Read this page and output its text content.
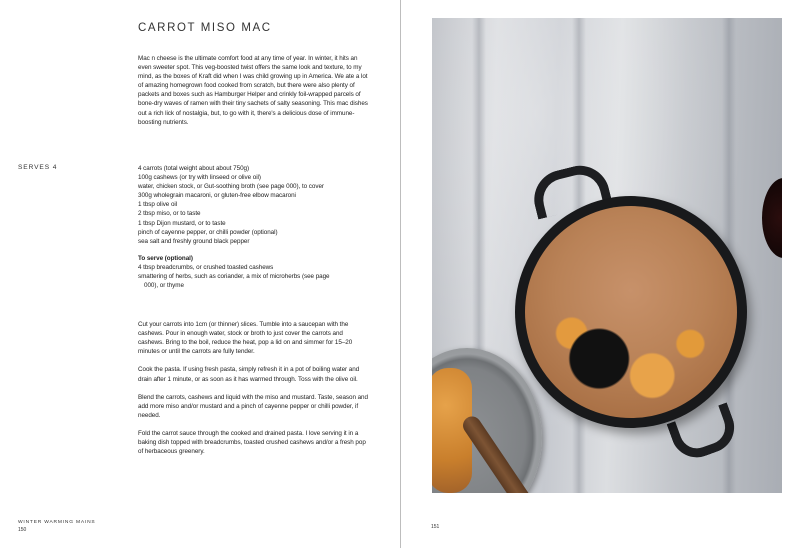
CARROT MISO MAC

Mac n cheese is the ultimate comfort food at any time of year. In winter, it hits an even sweeter spot. This veg-boosted twist offers the same look and texture, to my mind, as the boxes of Kraft did when I was child growing up in America. We ate a lot of amazing homegrown food cooked from scratch, but there were also plenty of packets and boxes such as Hamburger Helper and crinkly foil-wrapped parcels of bone-dry waves of ramen with their tiny sachets of salty seasoning. This mac dishes out a rich lick of nostalgia, but, to go with it, there's a delicious dose of immune-boosting nutrients.

SERVES 4	4 carrots (total weight about about 750g)
100g cashews (or try with linseed or olive oil)
water, chicken stock, or Gut-soothing broth (see page 000), to cover
300g wholegrain macaroni, or gluten-free elbow macaroni
1 tbsp olive oil
2 tbsp miso, or to taste
1 tbsp Dijon mustard, or to taste
pinch of cayenne pepper, or chilli powder (optional)
sea salt and freshly ground black pepper
To serve (optional)
4 tbsp breadcrumbs, or crushed toasted cashews
smattering of herbs, such as coriander, a mix of microherbs (see page
000), or thyme

Cut your carrots into 1cm (or thinner) slices. Tumble into a saucepan with the cashews. Pour in enough water, stock or broth to just cover the carrots and cashews. Bring to the boil, reduce the heat, pop a lid on and simmer for 15–20 minutes or until the carrots are fully tender.

Cook the pasta. If using fresh pasta, simply refresh it in a pot of boiling water and drain after 1 minute, or as soon as it has warmed through. Toss with the olive oil.

Blend the carrots, cashews and liquid with the miso and mustard. Taste, season and add more miso and/or mustard and a pinch of cayenne pepper or chilli powder, if needed.

Fold the carrot sauce through the cooked and drained pasta. I love serving it in a baking dish topped with breadcrumbs, toasted crushed cashews and/or a fresh pop of herbaceous greenery.

WINTER WARMING MAINS
150	151
